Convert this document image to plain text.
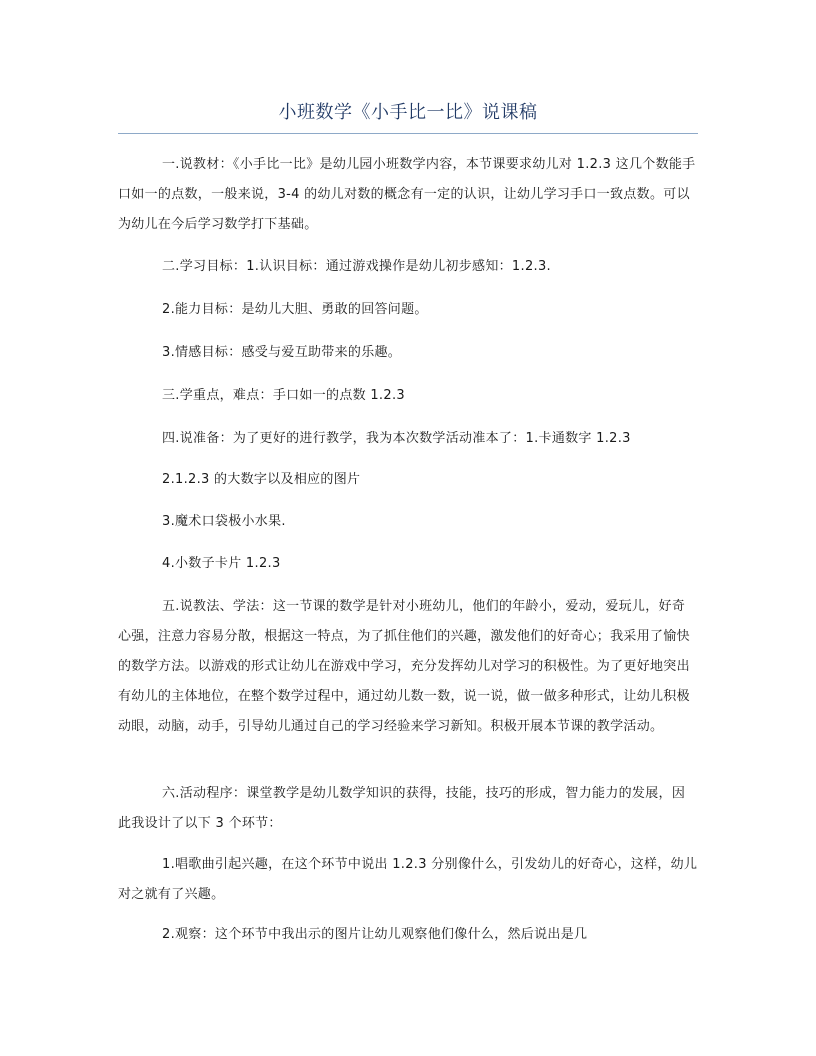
小班数学《小手比一比》说课稿

一.说教材：《小手比一比》是幼儿园小班数学内容，本节课要求幼儿对 1.2.3 这几个数能手口如一的点数，一般来说，3-4 的幼儿对数的概念有一定的认识，让幼儿学习手口一致点数。可以为幼儿在今后学习数学打下基础。

二.学习目标：1.认识目标：通过游戏操作是幼儿初步感知：1.2.3.

2.能力目标：是幼儿大胆、勇敢的回答问题。

3.情感目标：感受与爱互助带来的乐趣。

三.学重点，难点：手口如一的点数 1.2.3

四.说准备：为了更好的进行教学，我为本次数学活动准本了：1.卡通数字 1.2.3

2.1.2.3 的大数字以及相应的图片

3.魔术口袋极小水果.

4.小数子卡片 1.2.3

五.说教法、学法：这一节课的数学是针对小班幼儿，他们的年龄小，爱动，爱玩儿，好奇心强，注意力容易分散，根据这一特点，为了抓住他们的兴趣，激发他们的好奇心；我采用了愉快的数学方法。以游戏的形式让幼儿在游戏中学习，充分发挥幼儿对学习的积极性。为了更好地突出有幼儿的主体地位，在整个数学过程中，通过幼儿数一数，说一说，做一做多种形式，让幼儿积极动眼，动脑，动手，引导幼儿通过自己的学习经验来学习新知。积极开展本节课的教学活动。

六.活动程序：课堂教学是幼儿数学知识的获得，技能，技巧的形成，智力能力的发展，因此我设计了以下 3 个环节：

1.唱歌曲引起兴趣，在这个环节中说出 1.2.3 分别像什么，引发幼儿的好奇心，这样，幼儿对之就有了兴趣。

2.观察：这个环节中我出示的图片让幼儿观察他们像什么，然后说出是几
